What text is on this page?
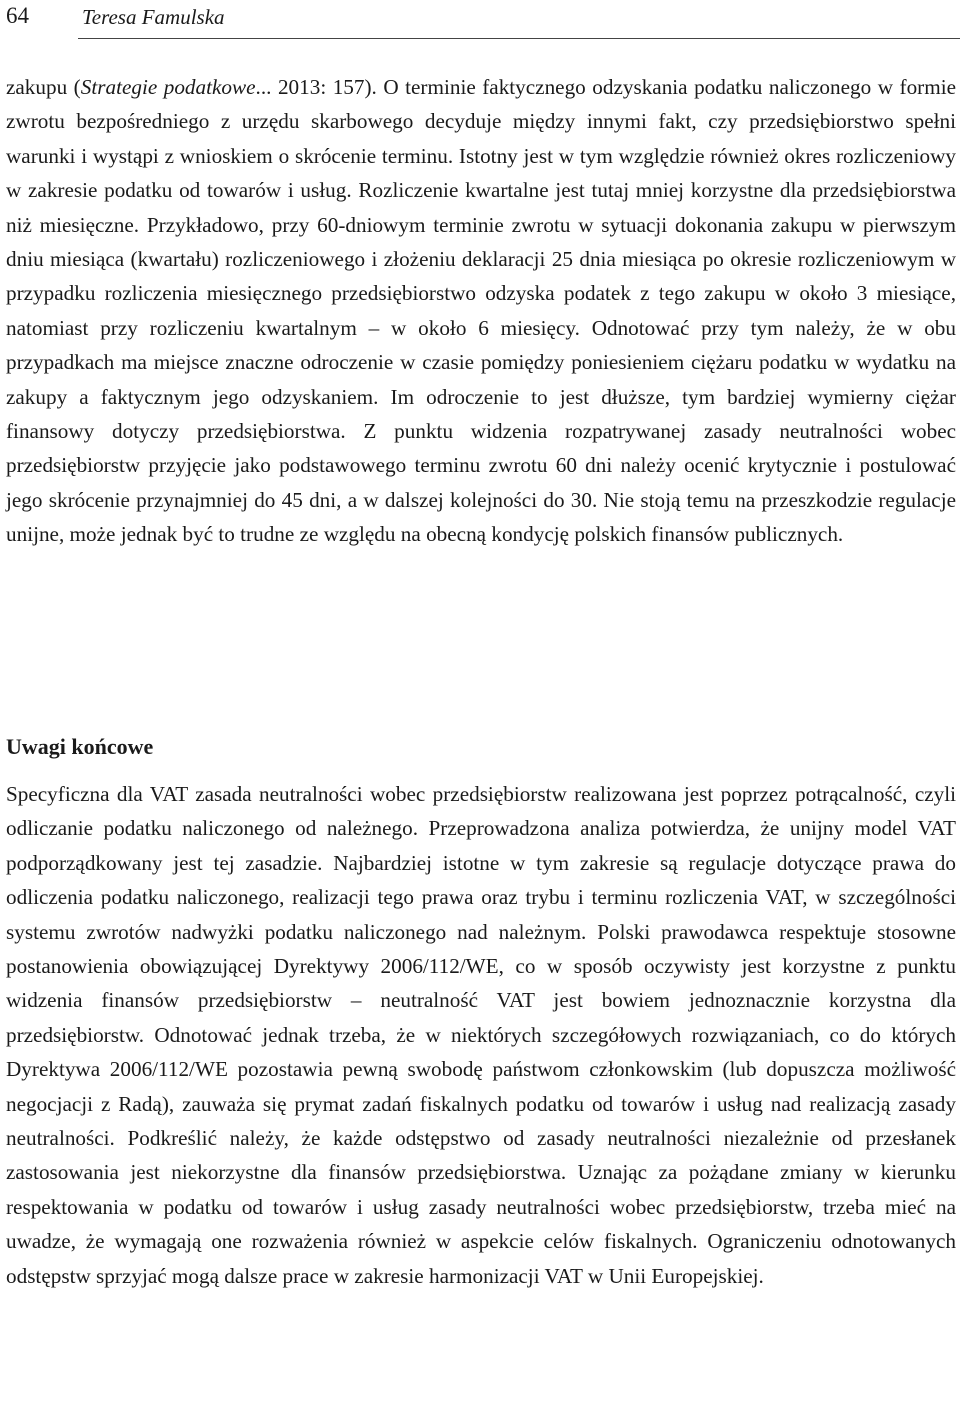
64	Teresa Famulska

zakupu (Strategie podatkowe... 2013: 157). O terminie faktycznego odzyskania podatku naliczonego w formie zwrotu bezpośredniego z urzędu skarbowego decyduje między innymi fakt, czy przedsiębiorstwo spełni warunki i wystąpi z wnioskiem o skrócenie terminu. Istotny jest w tym względzie również okres rozliczeniowy w zakresie podatku od towarów i usług. Rozliczenie kwartalne jest tutaj mniej korzystne dla przedsiębiorstwa niż miesięczne. Przykładowo, przy 60-dniowym terminie zwrotu w sytuacji dokonania zakupu w pierwszym dniu miesiąca (kwartału) rozliczeniowego i złożeniu deklaracji 25 dnia miesiąca po okresie rozliczeniowym w przypadku rozliczenia miesięcznego przedsiębiorstwo odzyska podatek z tego zakupu w około 3 miesiące, natomiast przy rozliczeniu kwartalnym – w około 6 miesięcy. Odnotować przy tym należy, że w obu przypadkach ma miejsce znaczne odroczenie w czasie pomiędzy poniesieniem ciężaru podatku w wydatku na zakupy a faktycznym jego odzyskaniem. Im odroczenie to jest dłuższe, tym bardziej wymierny ciężar finansowy dotyczy przedsiębiorstwa. Z punktu widzenia rozpatrywanej zasady neutralności wobec przedsiębiorstw przyjęcie jako podstawowego terminu zwrotu 60 dni należy ocenić krytycznie i postulować jego skrócenie przynajmniej do 45 dni, a w dalszej kolejności do 30. Nie stoją temu na przeszkodzie regulacje unijne, może jednak być to trudne ze względu na obecną kondycję polskich finansów publicznych.

Uwagi końcowe

Specyficzna dla VAT zasada neutralności wobec przedsiębiorstw realizowana jest poprzez potrącalność, czyli odliczanie podatku naliczonego od należnego. Przeprowadzona analiza potwierdza, że unijny model VAT podporządkowany jest tej zasadzie. Najbardziej istotne w tym zakresie są regulacje dotyczące prawa do odliczenia podatku naliczonego, realizacji tego prawa oraz trybu i terminu rozliczenia VAT, w szczególności systemu zwrotów nadwyżki podatku naliczonego nad należnym. Polski prawodawca respektuje stosowne postanowienia obowiązującej Dyrektywy 2006/112/WE, co w sposób oczywisty jest korzystne z punktu widzenia finansów przedsiębiorstw – neutralność VAT jest bowiem jednoznacznie korzystna dla przedsiębiorstw. Odnotować jednak trzeba, że w niektórych szczegółowych rozwiązaniach, co do których Dyrektywa 2006/112/WE pozostawia pewną swobodę państwom członkowskim (lub dopuszcza możliwość negocjacji z Radą), zauważa się prymat zadań fiskalnych podatku od towarów i usług nad realizacją zasady neutralności. Podkreślić należy, że każde odstępstwo od zasady neutralności niezależnie od przesłanek zastosowania jest niekorzystne dla finansów przedsiębiorstwa. Uznając za pożądane zmiany w kierunku respektowania w podatku od towarów i usług zasady neutralności wobec przedsiębiorstw, trzeba mieć na uwadze, że wymagają one rozważenia również w aspekcie celów fiskalnych. Ograniczeniu odnotowanych odstępstw sprzyjać mogą dalsze prace w zakresie harmonizacji VAT w Unii Europejskiej.
